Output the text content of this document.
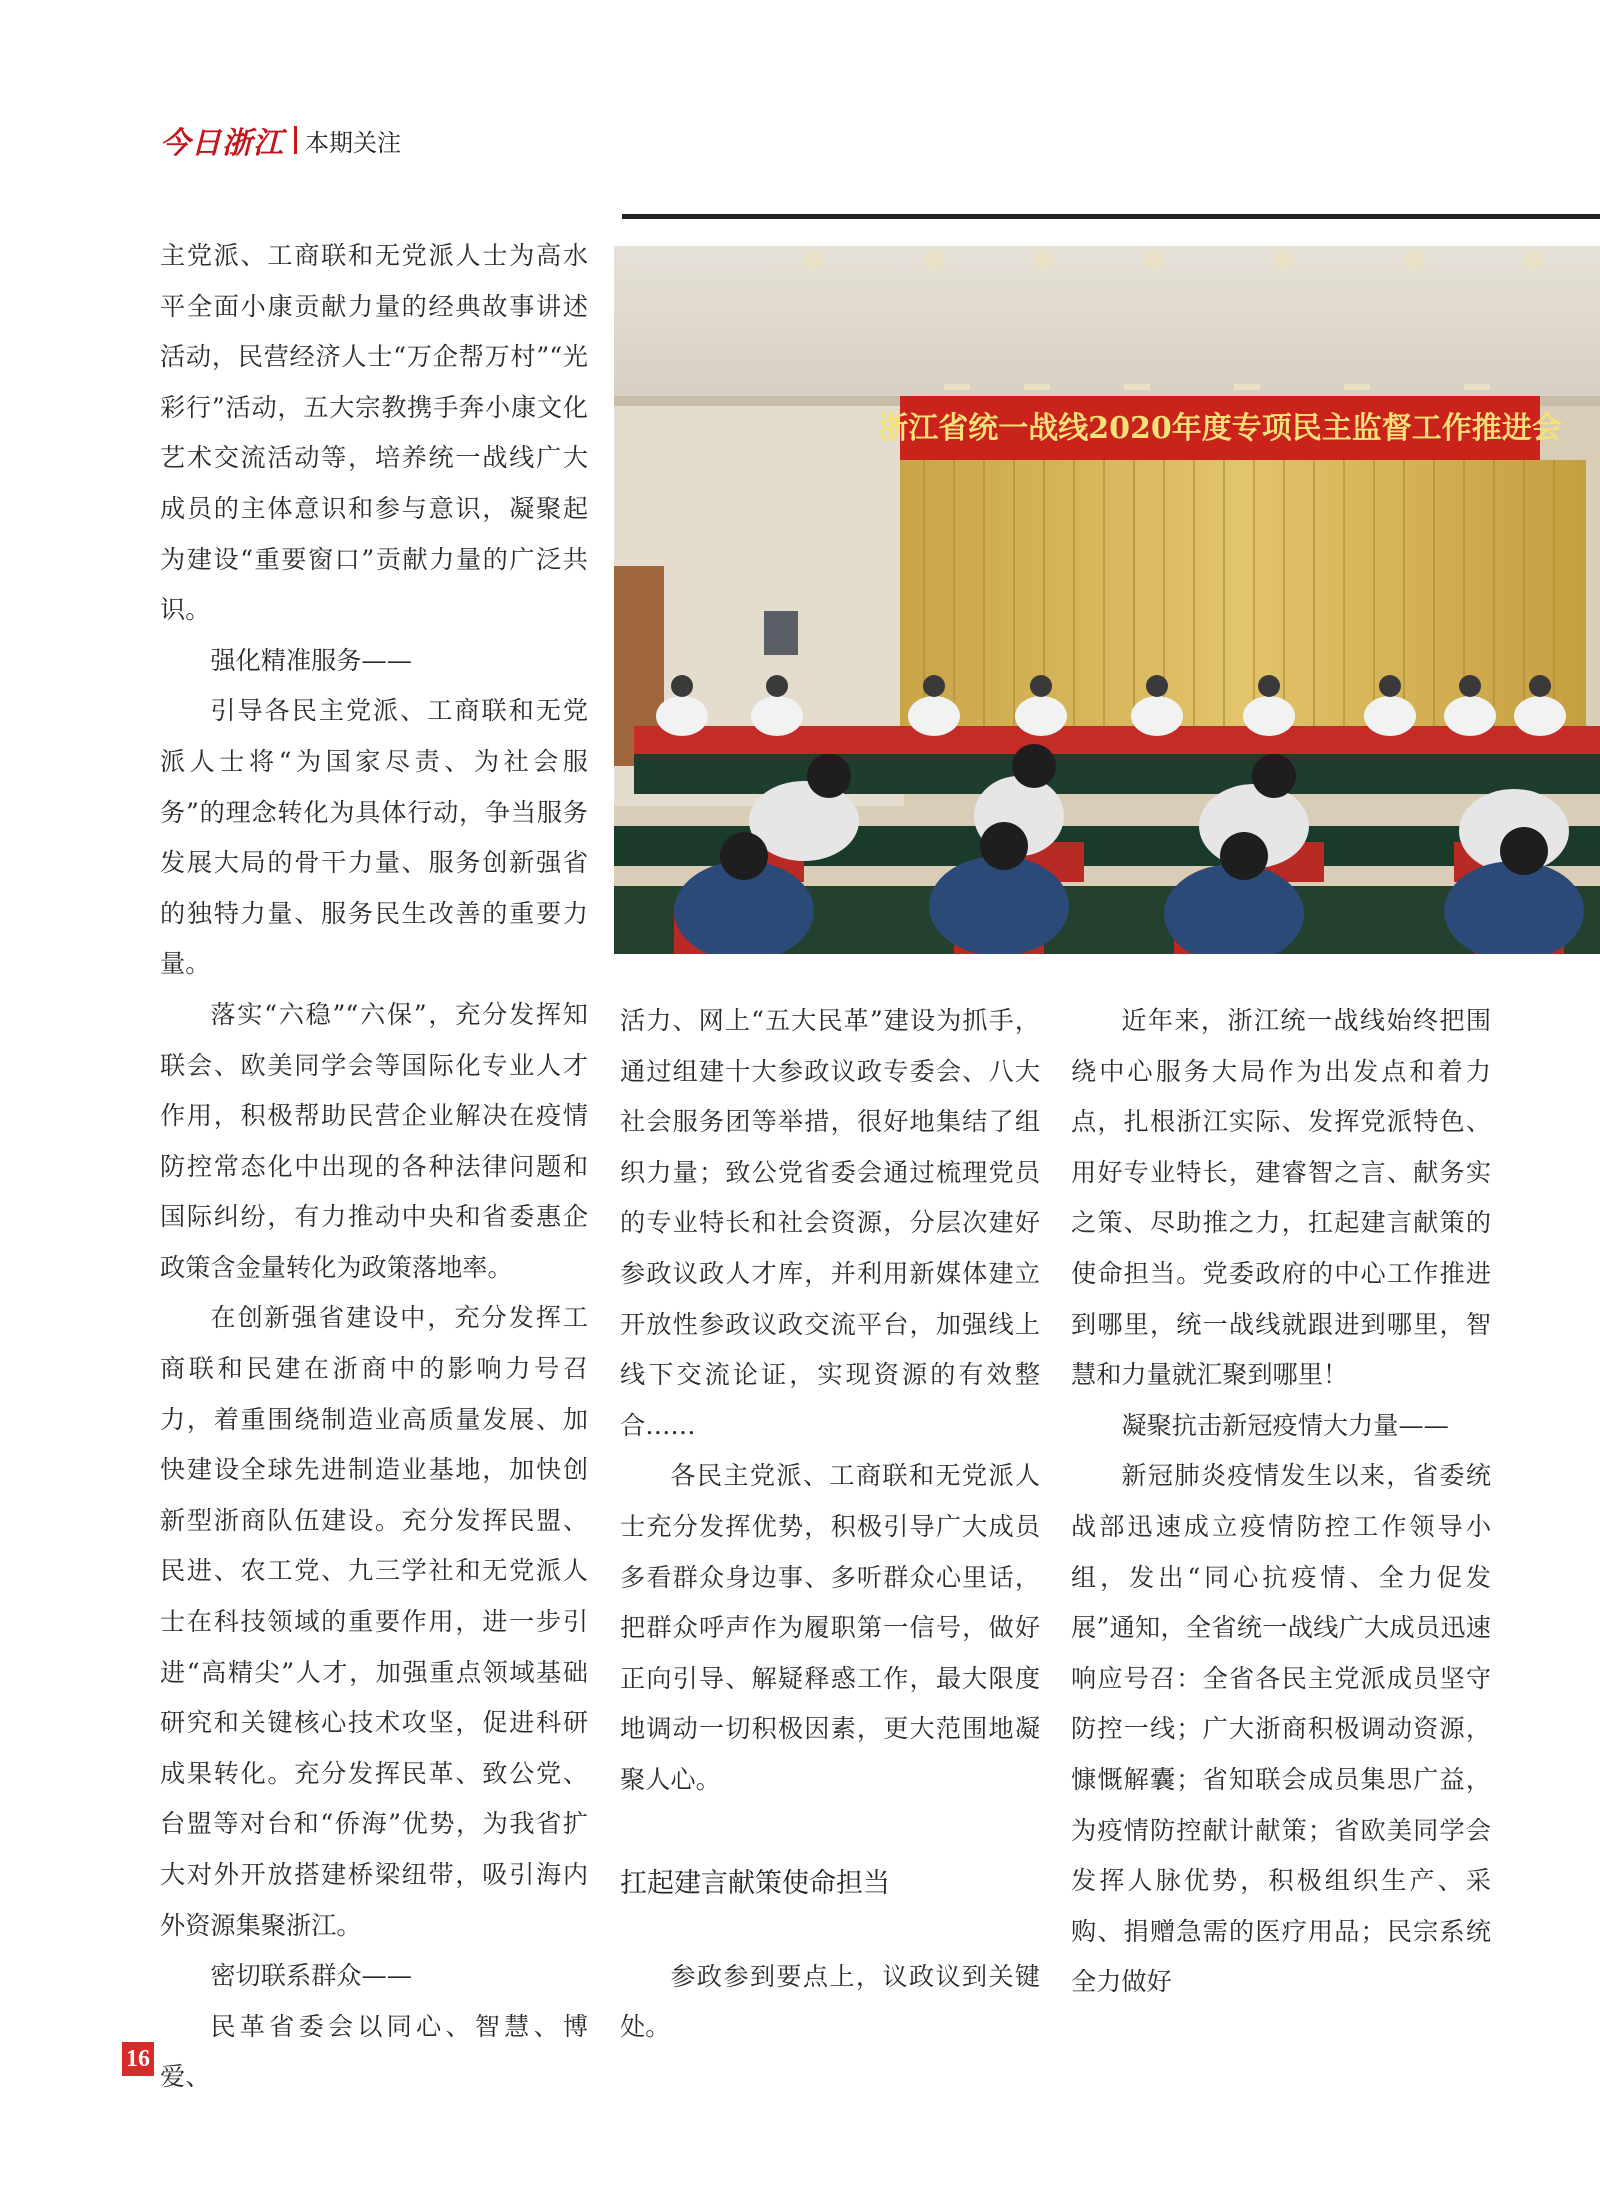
今日浙江 本期关注
浙江省统一战线2020年度专项民主监督工作推进会

主党派、工商联和无党派人士为高水平全面小康贡献力量的经典故事讲述活动，民营经济人士“万企帮万村”“光彩行”活动，五大宗教携手奔小康文化艺术交流活动等，培养统一战线广大成员的主体意识和参与意识，凝聚起为建设“重要窗口”贡献力量的广泛共识。

强化精准服务——

引导各民主党派、工商联和无党派人士将“为国家尽责、为社会服务”的理念转化为具体行动，争当服务发展大局的骨干力量、服务创新强省的独特力量、服务民生改善的重要力量。

落实“六稳”“六保”，充分发挥知联会、欧美同学会等国际化专业人才作用，积极帮助民营企业解决在疫情防控常态化中出现的各种法律问题和国际纠纷，有力推动中央和省委惠企政策含金量转化为政策落地率。

在创新强省建设中，充分发挥工商联和民建在浙商中的影响力号召力，着重围绕制造业高质量发展、加快建设全球先进制造业基地，加快创新型浙商队伍建设。充分发挥民盟、民进、农工党、九三学社和无党派人士在科技领域的重要作用，进一步引进“高精尖”人才，加强重点领域基础研究和关键核心技术攻坚，促进科研成果转化。充分发挥民革、致公党、台盟等对台和“侨海”优势，为我省扩大对外开放搭建桥梁纽带，吸引海内外资源集聚浙江。

密切联系群众——

民革省委会以同心、智慧、博爱、

活力、网上“五大民革”建设为抓手，通过组建十大参政议政专委会、八大社会服务团等举措，很好地集结了组织力量；致公党省委会通过梳理党员的专业特长和社会资源，分层次建好参政议政人才库，并利用新媒体建立开放性参政议政交流平台，加强线上线下交流论证，实现资源的有效整合……

各民主党派、工商联和无党派人士充分发挥优势，积极引导广大成员多看群众身边事、多听群众心里话，把群众呼声作为履职第一信号，做好正向引导、解疑释惑工作，最大限度地调动一切积极因素，更大范围地凝聚人心。

扛起建言献策使命担当

参政参到要点上，议政议到关键处。

近年来，浙江统一战线始终把围绕中心服务大局作为出发点和着力点，扎根浙江实际、发挥党派特色、用好专业特长，建睿智之言、献务实之策、尽助推之力，扛起建言献策的使命担当。党委政府的中心工作推进到哪里，统一战线就跟进到哪里，智慧和力量就汇聚到哪里！

凝聚抗击新冠疫情大力量——

新冠肺炎疫情发生以来，省委统战部迅速成立疫情防控工作领导小组，发出“同心抗疫情、全力促发展”通知，全省统一战线广大成员迅速响应号召：全省各民主党派成员坚守防控一线；广大浙商积极调动资源，慷慨解囊；省知联会成员集思广益，为疫情防控献计献策；省欧美同学会发挥人脉优势，积极组织生产、采购、捐赠急需的医疗用品；民宗系统全力做好

16
